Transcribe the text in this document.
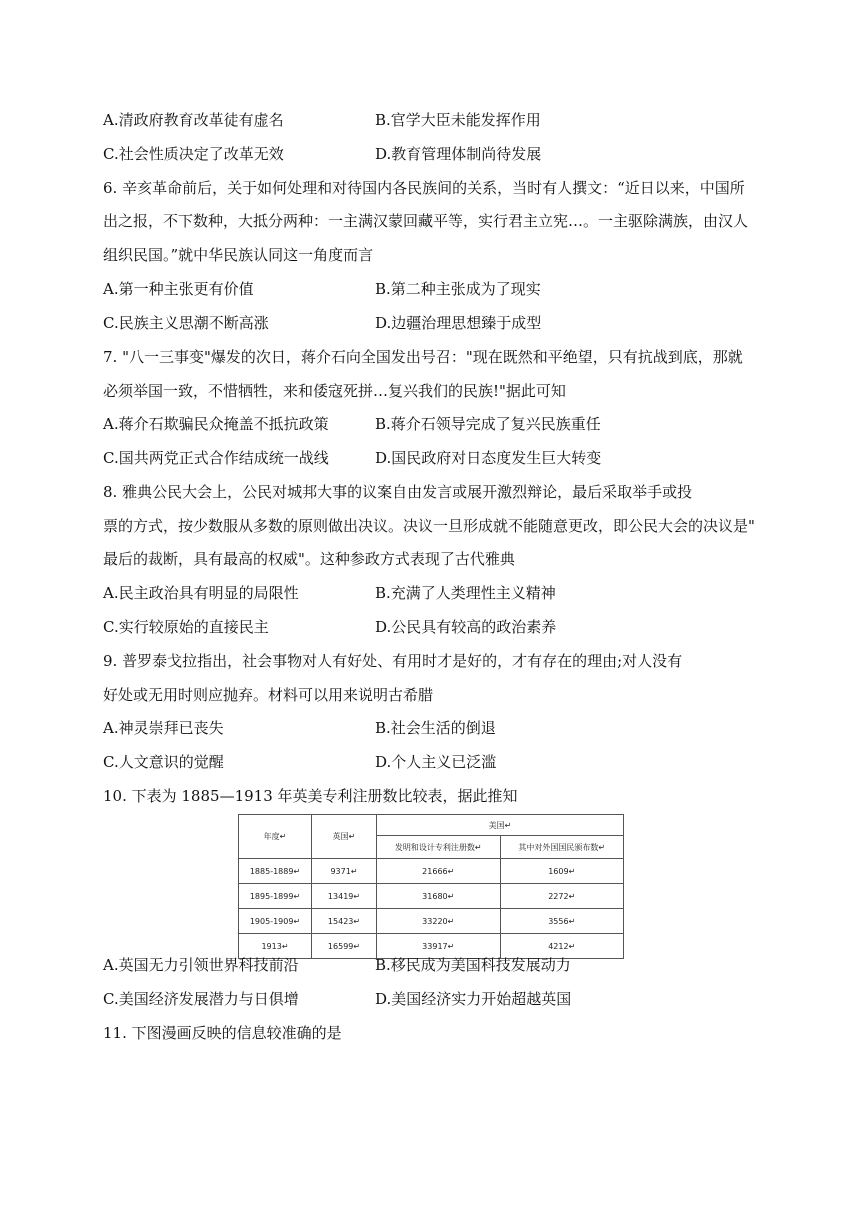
A.清政府教育改革徒有虚名	B.官学大臣未能发挥作用
C.社会性质决定了改革无效	D.教育管理体制尚待发展
6. 辛亥革命前后，关于如何处理和对待国内各民族间的关系，当时有人撰文：“近日以来，中国所
出之报，不下数种，大抵分两种：一主满汉蒙回藏平等，实行君主立宪…。一主驱除满族，由汉人
组织民国。”就中华民族认同这一角度而言
A.第一种主张更有价值	B.第二种主张成为了现实
C.民族主义思潮不断高涨	D.边疆治理思想臻于成型
7. "八一三事变"爆发的次日，蒋介石向全国发出号召："现在既然和平绝望，只有抗战到底，那就
必须举国一致，不惜牺牲，来和倭寇死拼…复兴我们的民族!"据此可知
A.蒋介石欺骗民众掩盖不抵抗政策	B.蒋介石领导完成了复兴民族重任
C.国共两党正式合作结成统一战线	D.国民政府对日态度发生巨大转变
8. 雅典公民大会上，公民对城邦大事的议案自由发言或展开激烈辩论，最后采取举手或投
票的方式，按少数服从多数的原则做出决议。决议一旦形成就不能随意更改，即公民大会的决议是"
最后的裁断，具有最高的权威"。这种参政方式表现了古代雅典
A.民主政治具有明显的局限性	B.充满了人类理性主义精神
C.实行较原始的直接民主	D.公民具有较高的政治素养
9. 普罗泰戈拉指出，社会事物对人有好处、有用时才是好的，才有存在的理由;对人没有
好处或无用时则应抛弃。材料可以用来说明古希腊
A.神灵崇拜已丧失	B.社会生活的倒退
C.人文意识的觉醒	D.个人主义已泛滥
10. 下表为 1885—1913 年英美专利注册数比较表，据此推知
年度↵	英国↵	美国↵	
		发明和设计专利注册数↵	其中对外国国民颁布数↵
1885-1889↵	9371↵	21666↵	1609↵
1895-1899↵	13419↵	31680↵	2272↵
1905-1909↵	15423↵	33220↵	3556↵
1913↵	16599↵	33917↵	4212↵
A.英国无力引领世界科技前沿	B.移民成为美国科技发展动力
C.美国经济发展潜力与日俱增	D.美国经济实力开始超越英国
11. 下图漫画反映的信息较准确的是
